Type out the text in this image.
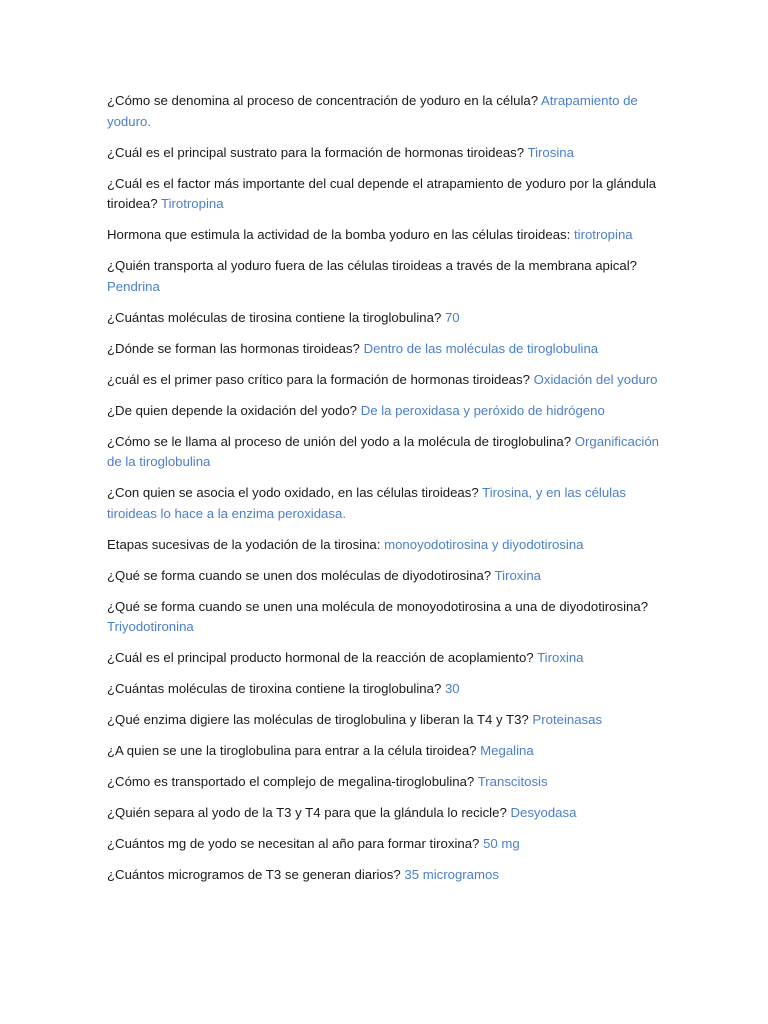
¿Cómo se denomina al proceso de concentración de yoduro en la célula? Atrapamiento de yoduro.

¿Cuál es el principal sustrato para la formación de hormonas tiroideas? Tirosina

¿Cuál es el factor más importante del cual depende el atrapamiento de yoduro por la glándula tiroidea? Tirotropina

Hormona que estimula la actividad de la bomba yoduro en las células tiroideas: tirotropina

¿Quién transporta al yoduro fuera de las células tiroideas a través de la membrana apical? Pendrina

¿Cuántas moléculas de tirosina contiene la tiroglobulina? 70

¿Dónde se forman las hormonas tiroideas? Dentro de las moléculas de tiroglobulina

¿cuál es el primer paso crítico para la formación de hormonas tiroideas? Oxidación del yoduro

¿De quien depende la oxidación del yodo? De la peroxidasa y peróxido de hidrógeno

¿Cómo se le llama al proceso de unión del yodo a la molécula de tiroglobulina? Organificación de la tiroglobulina

¿Con quien se asocia el yodo oxidado, en las células tiroideas? Tirosina, y en las células tiroideas lo hace a la enzima peroxidasa.

Etapas sucesivas de la yodación de la tirosina: monoyodotirosina y diyodotirosina

¿Qué se forma cuando se unen dos moléculas de diyodotirosina? Tiroxina

¿Qué se forma cuando se unen una molécula de monoyodotirosina a una de diyodotirosina? Triyodotironina

¿Cuál es el principal producto hormonal de la reacción de acoplamiento? Tiroxina

¿Cuántas moléculas de tiroxina contiene la tiroglobulina? 30

¿Qué enzima digiere las moléculas de tiroglobulina y liberan la T4 y T3? Proteinasas

¿A quien se une la tiroglobulina para entrar a la célula tiroidea? Megalina

¿Cómo es transportado el complejo de megalina-tiroglobulina? Transcitosis

¿Quién separa al yodo de la T3 y T4 para que la glándula lo recicle? Desyodasa

¿Cuántos mg de yodo se necesitan al año para formar tiroxina? 50 mg

¿Cuántos microgramos de T3 se generan diarios? 35 microgramos
